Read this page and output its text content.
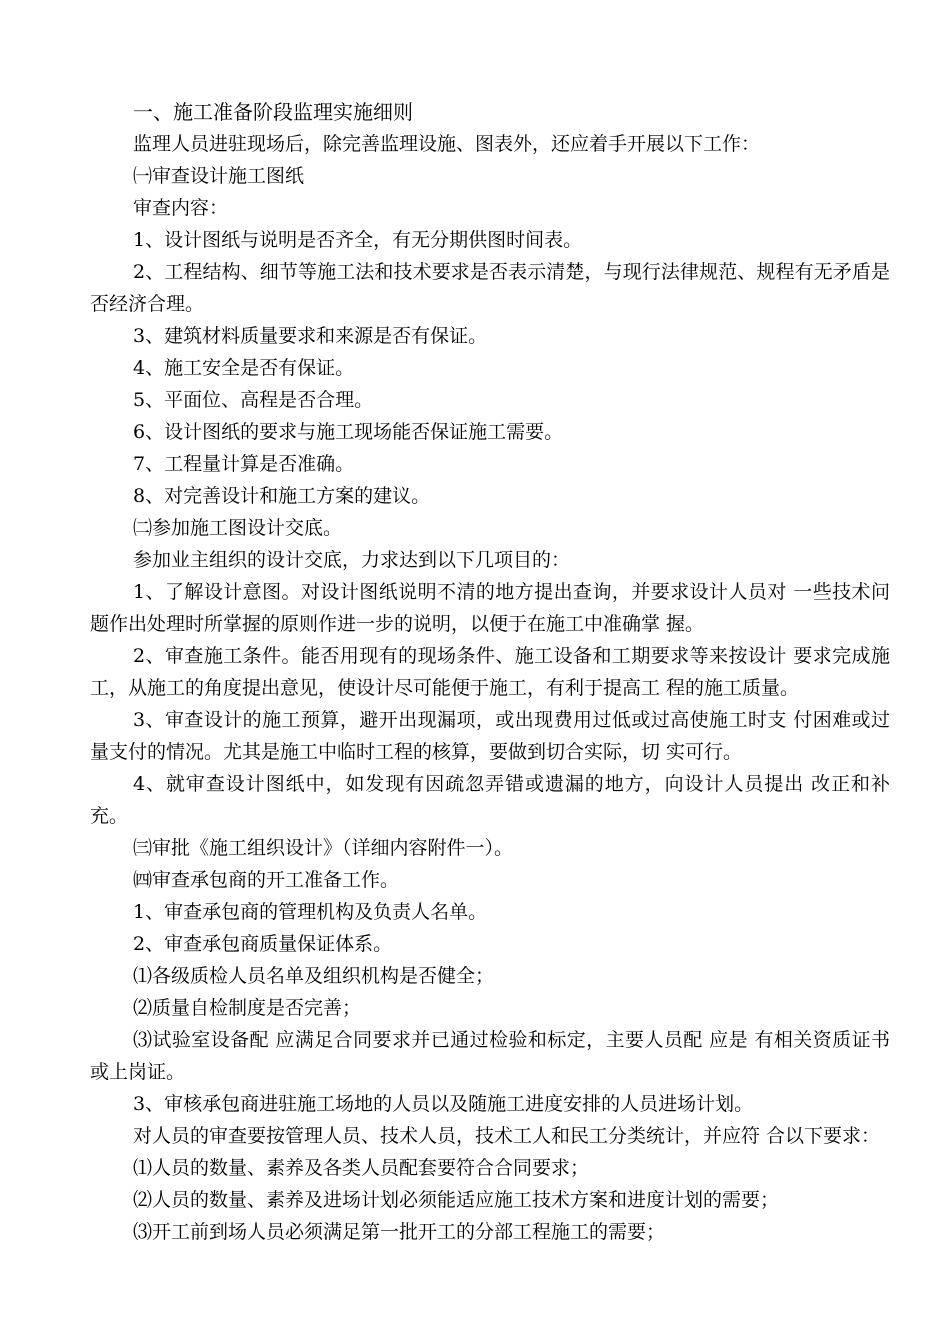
一、施工准备阶段监理实施细则
监理人员进驻现场后，除完善监理设施、图表外，还应着手开展以下工作：
㈠审查设计施工图纸
审查内容：
1、设计图纸与说明是否齐全，有无分期供图时间表。
2、工程结构、细节等施工法和技术要求是否表示清楚，与现行法律规范、规程有无矛盾是否经济合理。
3、建筑材料质量要求和来源是否有保证。
4、施工安全是否有保证。
5、平面位、高程是否合理。
6、设计图纸的要求与施工现场能否保证施工需要。
7、工程量计算是否准确。
8、对完善设计和施工方案的建议。
㈡参加施工图设计交底。
参加业主组织的设计交底，力求达到以下几项目的：
1、了解设计意图。对设计图纸说明不清的地方提出查询，并要求设计人员对 一些技术问题作出处理时所掌握的原则作进一步的说明，以便于在施工中准确掌 握。
2、审查施工条件。能否用现有的现场条件、施工设备和工期要求等来按设计 要求完成施工，从施工的角度提出意见，使设计尽可能便于施工，有利于提高工 程的施工质量。
3、审查设计的施工预算，避开出现漏项，或出现费用过低或过高使施工时支 付困难或过量支付的情况。尤其是施工中临时工程的核算，要做到切合实际，切 实可行。
4、就审查设计图纸中，如发现有因疏忽弄错或遗漏的地方，向设计人员提出 改正和补充。
㈢审批《施工组织设计》（详细内容附件一）。
㈣审查承包商的开工准备工作。
1、审查承包商的管理机构及负责人名单。
2、审查承包商质量保证体系。
⑴各级质检人员名单及组织机构是否健全；
⑵质量自检制度是否完善；
⑶试验室设备配 应满足合同要求并已通过检验和标定，主要人员配 应是 有相关资质证书或上岗证。
3、审核承包商进驻施工场地的人员以及随施工进度安排的人员进场计划。
对人员的审查要按管理人员、技术人员，技术工人和民工分类统计，并应符 合以下要求：
⑴人员的数量、素养及各类人员配套要符合合同要求；
⑵人员的数量、素养及进场计划必须能适应施工技术方案和进度计划的需要；
⑶开工前到场人员必须满足第一批开工的分部工程施工的需要；
